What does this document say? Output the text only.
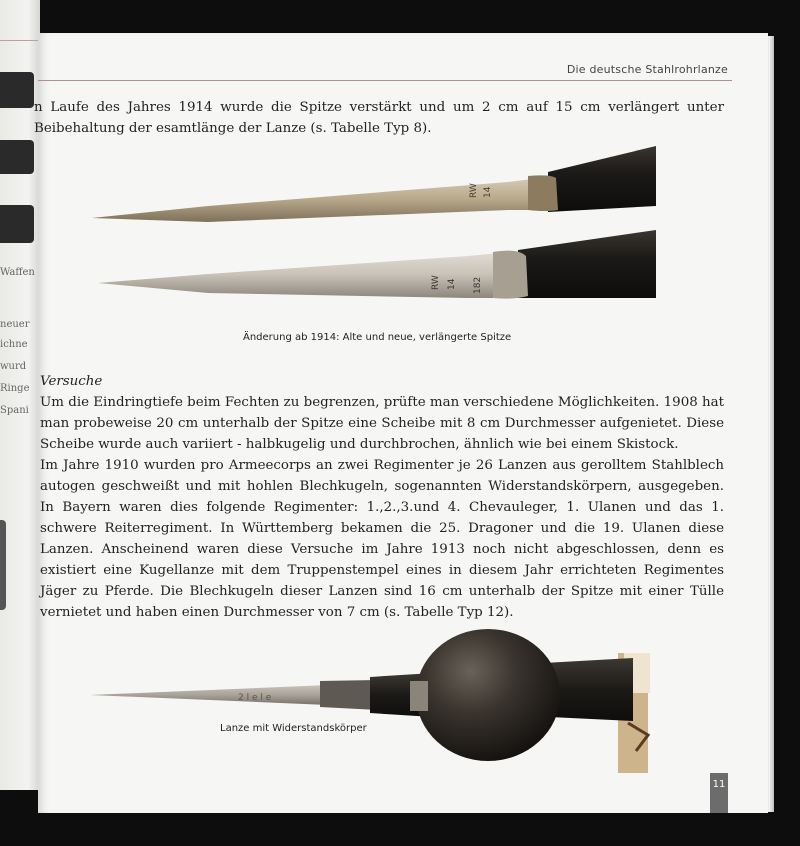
Waffen
neuer
ichne
wurd
Ringe
Spani
Die deutsche Stahlrohrlanze
n Laufe des Jahres 1914 wurde die Spitze verstärkt und um 2 cm auf 15 cm verlängert unter Beibehaltung der esamtlänge der Lanze (s. Tabelle Typ 8).
RW 14
RW 14 182
Änderung ab 1914: Alte und neue, verlängerte Spitze
Versuche
Um die Eindringtiefe beim Fechten zu begrenzen, prüfte man verschiedene Möglichkeiten. 1908 hat man probeweise 20 cm unterhalb der Spitze eine Scheibe mit 8 cm Durchmesser aufgenietet. Diese Scheibe wurde auch variiert - halbkugelig und durchbrochen, ähnlich wie bei einem Skistock.
Im Jahre 1910 wurden pro Armeecorps an zwei Regimenter je 26 Lanzen aus gerolltem Stahlblech autogen geschweißt und mit hohlen Blechkugeln, sogenannten Widerstandskörpern, ausgegeben. In Bayern waren dies folgende Regimenter: 1.,2.,3.und 4. Chevauleger, 1. Ulanen und das 1. schwere Reiterregiment. In Württemberg bekamen die 25. Dragoner und die 19. Ulanen diese Lanzen. Anscheinend waren diese Versuche im Jahre 1913 noch nicht abgeschlossen, denn es existiert eine Kugellanze mit dem Truppenstempel eines in diesem Jahr errichteten Regimentes Jäger zu Pferde. Die Blechkugeln dieser Lanzen sind 16 cm unterhalb der Spitze mit einer Tülle vernietet und haben einen Durchmesser von 7 cm (s. Tabelle Typ 12).
2 l e l e
Lanze mit Widerstandskörper
11
